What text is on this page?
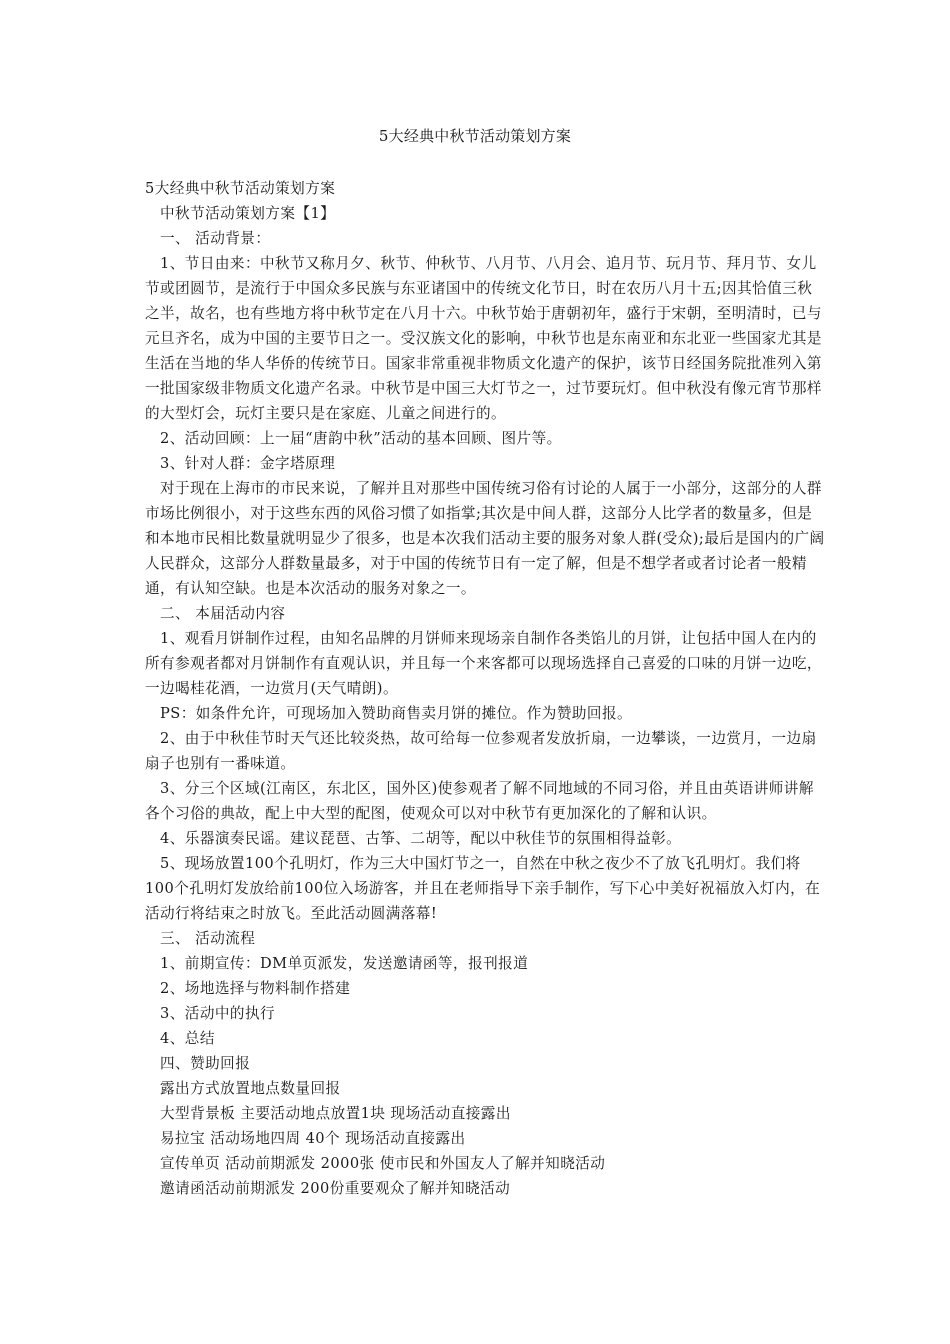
5大经典中秋节活动策划方案

5大经典中秋节活动策划方案

中秋节活动策划方案【1】

一、 活动背景：

1、节日由来：中秋节又称月夕、秋节、仲秋节、八月节、八月会、追月节、玩月节、拜月节、女儿节或团圆节，是流行于中国众多民族与东亚诸国中的传统文化节日，时在农历八月十五;因其恰值三秋之半，故名，也有些地方将中秋节定在八月十六。中秋节始于唐朝初年，盛行于宋朝，至明清时，已与元旦齐名，成为中国的主要节日之一。受汉族文化的影响，中秋节也是东南亚和东北亚一些国家尤其是生活在当地的华人华侨的传统节日。国家非常重视非物质文化遗产的保护，该节日经国务院批准列入第一批国家级非物质文化遗产名录。中秋节是中国三大灯节之一，过节要玩灯。但中秋没有像元宵节那样的大型灯会，玩灯主要只是在家庭、儿童之间进行的。

2、活动回顾：上一届“唐韵中秋”活动的基本回顾、图片等。

3、针对人群：金字塔原理

对于现在上海市的市民来说，了解并且对那些中国传统习俗有讨论的人属于一小部分，这部分的人群市场比例很小，对于这些东西的风俗习惯了如指掌;其次是中间人群，这部分人比学者的数量多，但是和本地市民相比数量就明显少了很多，也是本次我们活动主要的服务对象人群(受众);最后是国内的广阔人民群众，这部分人群数量最多，对于中国的传统节日有一定了解，但是不想学者或者讨论者一般精通，有认知空缺。也是本次活动的服务对象之一。

二、 本届活动内容

1、观看月饼制作过程，由知名品牌的月饼师来现场亲自制作各类馅儿的月饼，让包括中国人在内的所有参观者都对月饼制作有直观认识，并且每一个来客都可以现场选择自己喜爱的口味的月饼一边吃，一边喝桂花酒，一边赏月(天气晴朗)。

PS：如条件允许，可现场加入赞助商售卖月饼的摊位。作为赞助回报。

2、由于中秋佳节时天气还比较炎热，故可给每一位参观者发放折扇，一边攀谈，一边赏月，一边扇扇子也别有一番味道。

3、分三个区域(江南区，东北区，国外区)使参观者了解不同地域的不同习俗，并且由英语讲师讲解各个习俗的典故，配上中大型的配图，使观众可以对中秋节有更加深化的了解和认识。

4、乐器演奏民谣。建议琵琶、古筝、二胡等，配以中秋佳节的氛围相得益彰。

5、现场放置100个孔明灯，作为三大中国灯节之一，自然在中秋之夜少不了放飞孔明灯。我们将100个孔明灯发放给前100位入场游客，并且在老师指导下亲手制作，写下心中美好祝福放入灯内，在活动行将结束之时放飞。至此活动圆满落幕!

三、 活动流程

1、前期宣传：DM单页派发，发送邀请函等，报刊报道

2、场地选择与物料制作搭建

3、活动中的执行

4、总结

四、赞助回报

露出方式放置地点数量回报

大型背景板 主要活动地点放置1块 现场活动直接露出

易拉宝 活动场地四周 40个 现场活动直接露出

宣传单页 活动前期派发 2000张 使市民和外国友人了解并知晓活动

邀请函活动前期派发 200份重要观众了解并知晓活动
